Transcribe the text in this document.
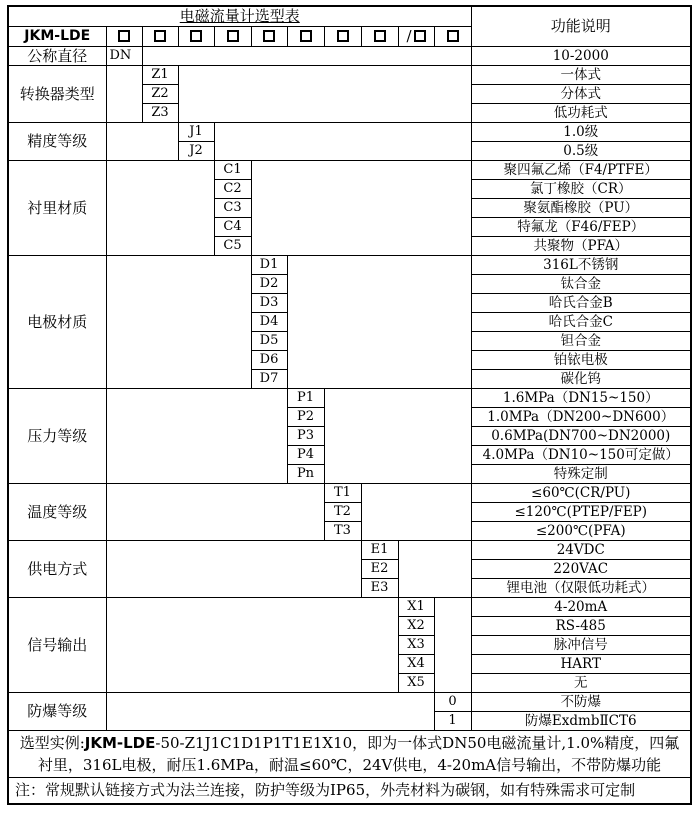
电磁流量计选型表											功能说明
JKM-LDE									/		
公称直径	DN										10-2000
转换器类型		Z1									一体式
		Z2									分体式
		Z3									低功耗式
精度等级			J1								1.0级
			J2								0.5级
衬里材质				C1							聚四氟乙烯（F4/PTFE）
				C2							氯丁橡胶（CR）
				C3							聚氨酯橡胶（PU）
				C4							特氟龙（F46/FEP）
				C5							共聚物（PFA）
电极材质					D1						316L不锈钢
					D2						钛合金
					D3						哈氏合金B
					D4						哈氏合金C
					D5						钽合金
					D6						铂铱电极
					D7						碳化钨
压力等级						P1					1.6MPa（DN15~150）
						P2					1.0MPa（DN200~DN600）
						P3					0.6MPa(DN700~DN2000)
						P4					4.0MPa（DN10~150可定做）
						Pn					特殊定制
温度等级							T1				≤60℃(CR/PU)
							T2				≤120℃(PTEP/FEP)
							T3				≤200℃(PFA)
供电方式								E1			24VDC
								E2			220VAC
								E3			锂电池（仅限低功耗式）
信号输出									X1		4-20mA
									X2		RS-485
									X3		脉冲信号
									X4		HART
									X5		无
防爆等级										0	不防爆
										1	防爆ExdmbⅡCT6
选型实例:JKM-LDE-50-Z1J1C1D1P1T1E1X10，即为一体式DN50电磁流量计,1.0%精度，四氟衬里，316L电极，耐压1.6MPa，耐温≤60℃，24V供电，4-20mA信号输出，不带防爆功能											
注：常规默认链接方式为法兰连接，防护等级为IP65，外壳材料为碳钢，如有特殊需求可定制											
